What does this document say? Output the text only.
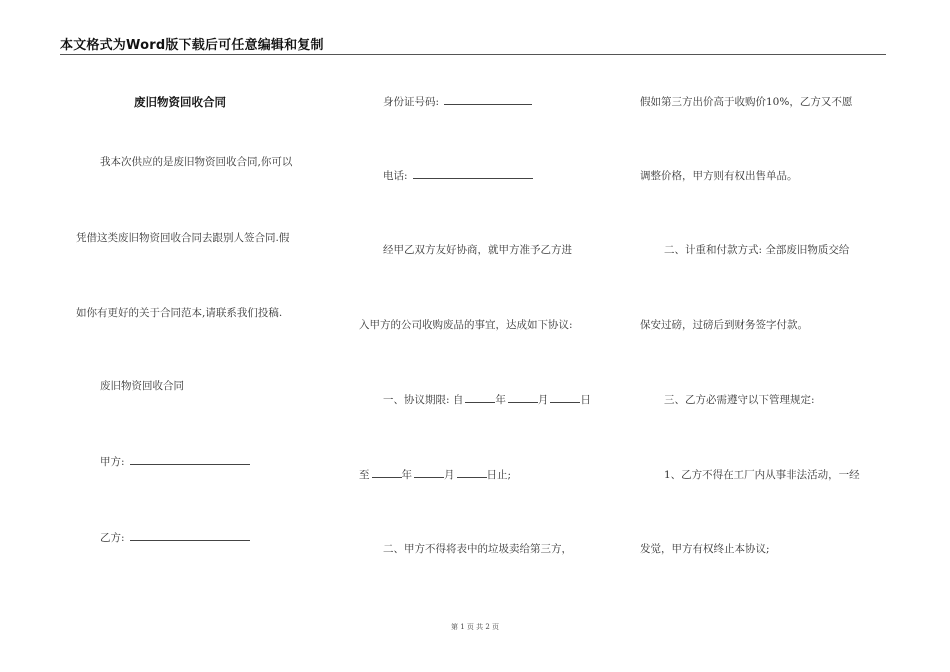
本文格式为Word版下载后可任意编辑和复制
废旧物资回收合同
我本次供应的是废旧物资回收合同,你可以
凭借这类废旧物资回收合同去跟别人签合同.假
如你有更好的关于合同范本,请联系我们投稿.
废旧物资回收合同
甲方:
乙方:
身份证号码:
电话:
经甲乙双方友好协商，就甲方准予乙方进
入甲方的公司收购废品的事宜，达成如下协议:
一、协议期限: 自	年	月	日
至	年	月	日止;
二、甲方不得将表中的垃圾卖给第三方，
假如第三方出价高于收购价10%，乙方又不愿
调整价格，甲方则有权出售单品。
二、计重和付款方式: 全部废旧物质交给
保安过磅，过磅后到财务签字付款。
三、乙方必需遵守以下管理规定:
1、乙方不得在工厂内从事非法活动，一经
发觉，甲方有权终止本协议;
第 1 页 共 2 页
